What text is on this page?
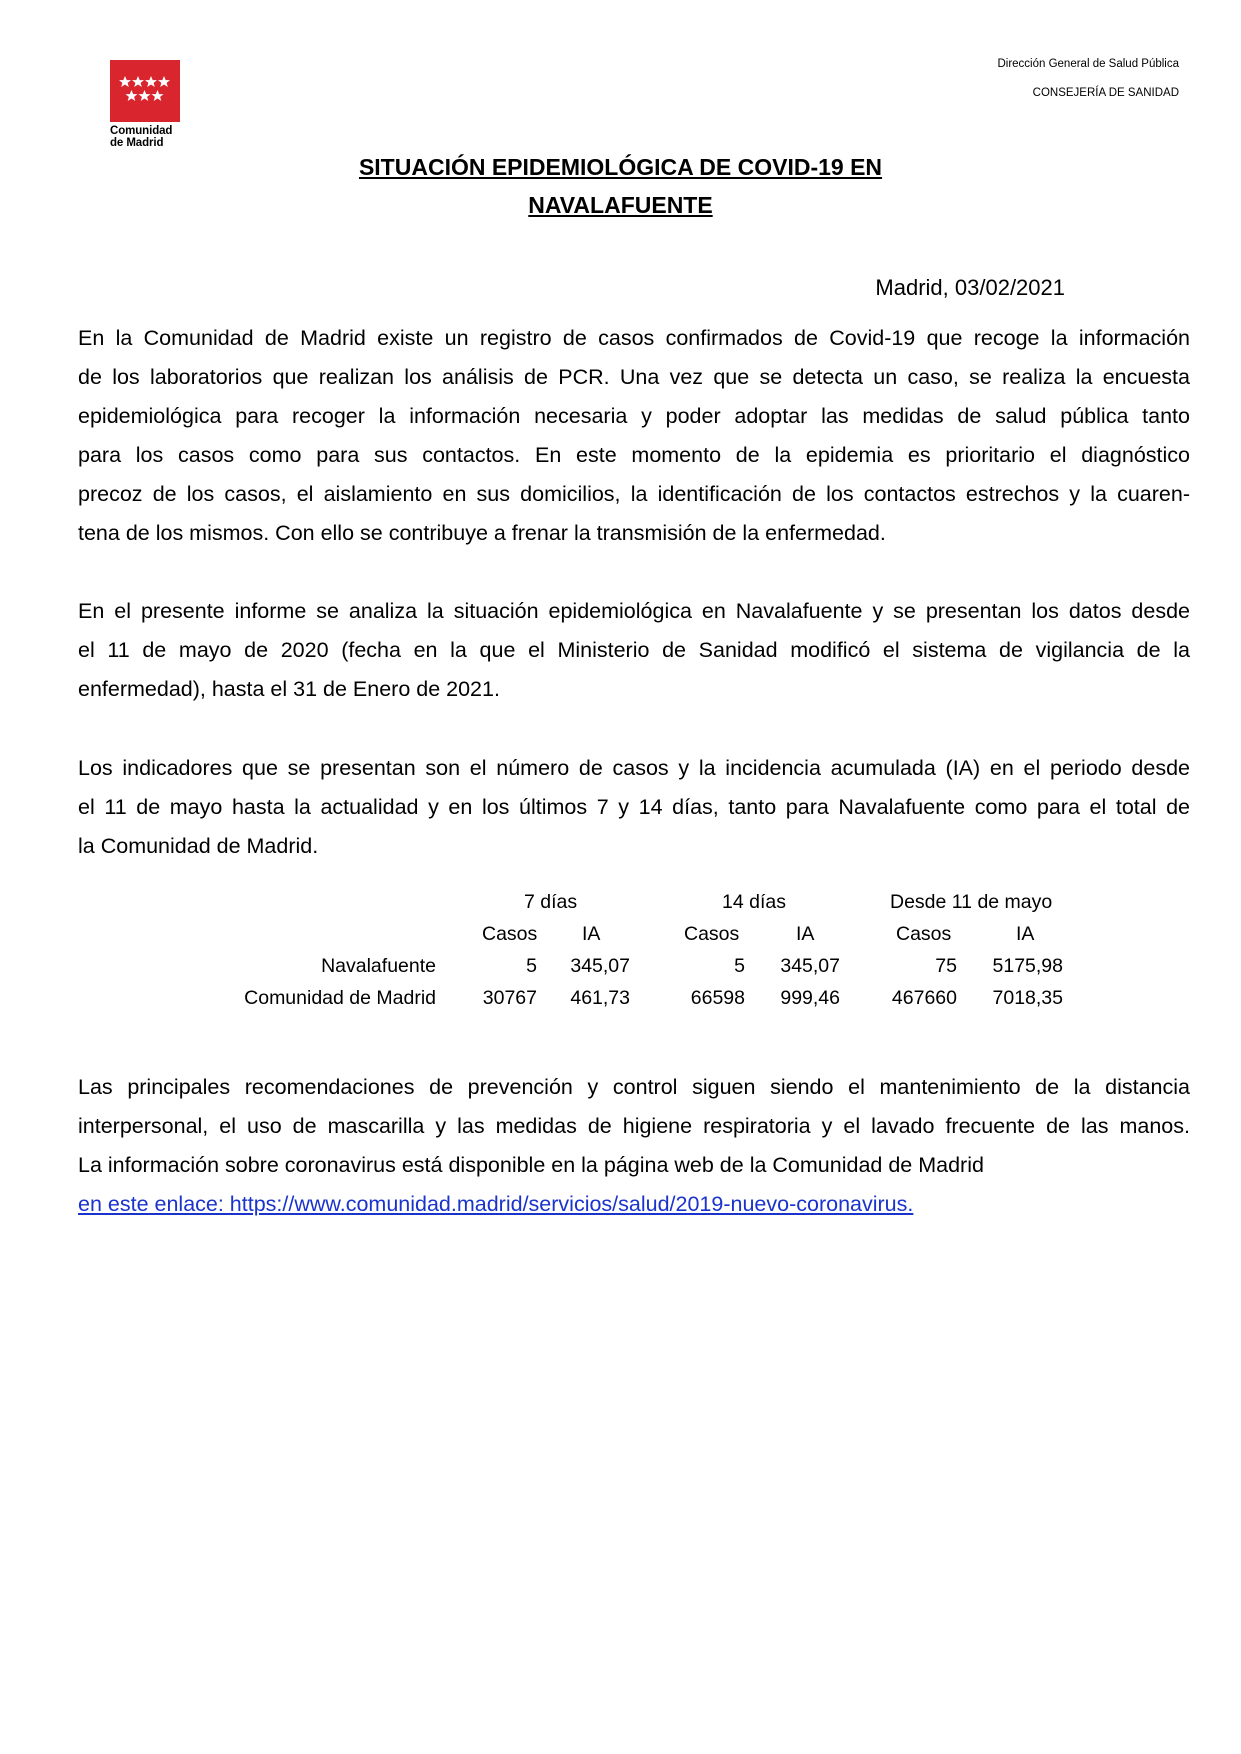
Comunidad
de Madrid
Dirección General de Salud Pública
CONSEJERÍA DE SANIDAD
SITUACIÓN EPIDEMIOLÓGICA DE COVID-19 EN
NAVALAFUENTE
Madrid, 03/02/2021
En la Comunidad de Madrid existe un registro de casos confirmados de Covid-19 que recoge la información
de los laboratorios que realizan los análisis de PCR. Una vez que se detecta un caso, se realiza la encuesta
epidemiológica para recoger la información necesaria y poder adoptar las medidas de salud pública tanto
para los casos como para sus contactos. En este momento de la epidemia es prioritario el diagnóstico
precoz de los casos, el aislamiento en sus domicilios, la identificación de los contactos estrechos y la cuaren-
tena de los mismos. Con ello se contribuye a frenar la transmisión de la enfermedad.
En el presente informe se analiza la situación epidemiológica en Navalafuente y se presentan los datos desde
el 11 de mayo de 2020 (fecha en la que el Ministerio de Sanidad modificó el sistema de vigilancia de la
enfermedad), hasta el 31 de Enero de 2021.
Los indicadores que se presentan son el número de casos y la incidencia acumulada (IA) en el periodo desde
el 11 de mayo hasta la actualidad y en los últimos 7 y 14 días, tanto para Navalafuente como para el total de
la Comunidad de Madrid.
7 días	14 días	Desde 11 de mayo
Casos IA	Casos	IA	Casos	IA
Navalafuente	5 345,07	5 345,07	75 5175,98
Comunidad de Madrid 30767 461,73	66598 999,46	467660 7018,35
Las principales recomendaciones de prevención y control siguen siendo el mantenimiento de la distancia
interpersonal, el uso de mascarilla y las medidas de higiene respiratoria y el lavado frecuente de las manos.
La información sobre coronavirus está disponible en la página web de la Comunidad de Madrid
en este enlace: https://www.comunidad.madrid/servicios/salud/2019-nuevo-coronavirus.
